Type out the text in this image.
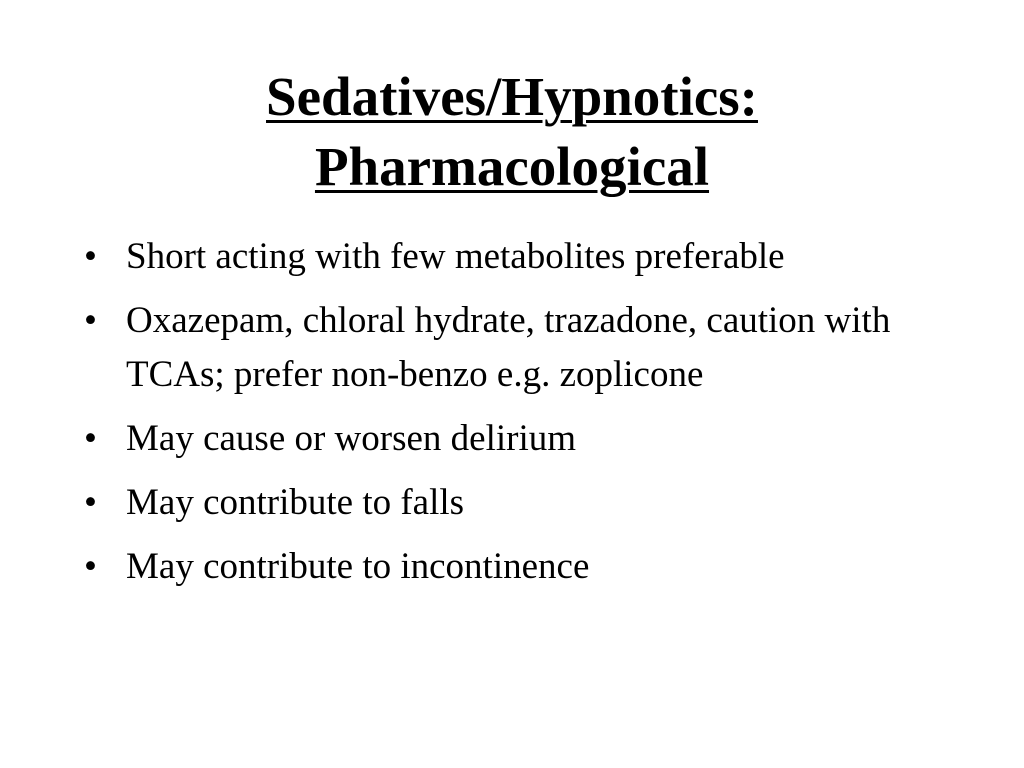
Sedatives/Hypnotics:
Pharmacological
• Short acting with few metabolites preferable
• Oxazepam, chloral hydrate, trazadone, caution with TCAs; prefer non-benzo e.g. zoplicone
• May cause or worsen delirium
• May contribute to falls
• May contribute to incontinence
